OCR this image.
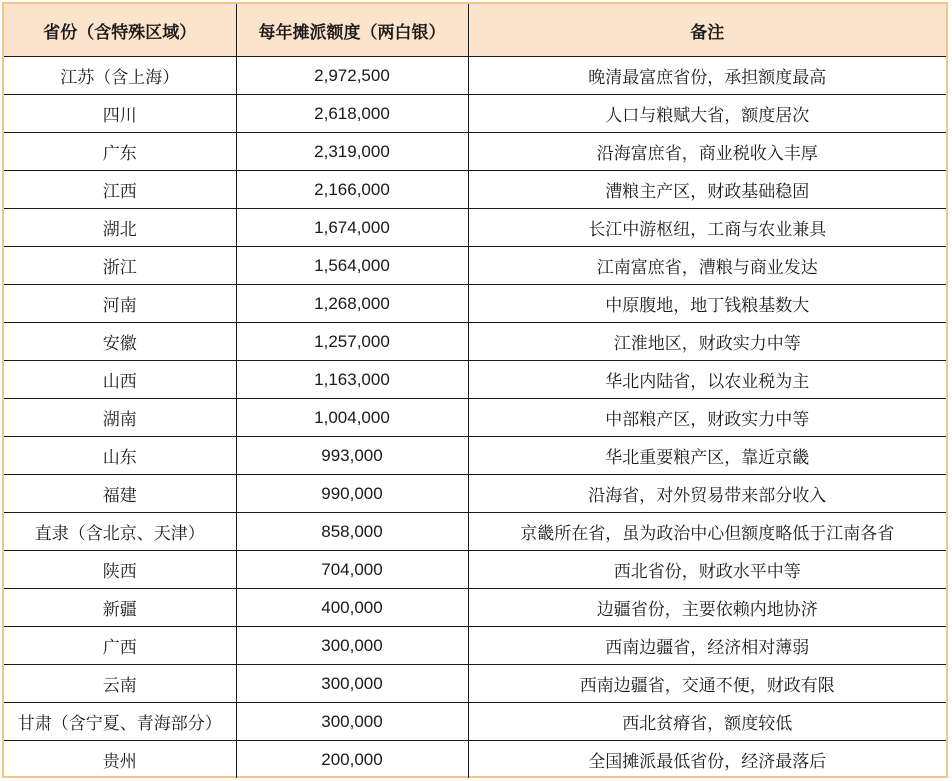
省份（含特殊区域）	每年摊派额度（两白银）	备注
江苏（含上海）	2,972,500	晚清最富庶省份，承担额度最高
四川	2,618,000	人口与粮赋大省，额度居次
广东	2,319,000	沿海富庶省，商业税收入丰厚
江西	2,166,000	漕粮主产区，财政基础稳固
湖北	1,674,000	长江中游枢纽，工商与农业兼具
浙江	1,564,000	江南富庶省，漕粮与商业发达
河南	1,268,000	中原腹地，地丁钱粮基数大
安徽	1,257,000	江淮地区，财政实力中等
山西	1,163,000	华北内陆省，以农业税为主
湖南	1,004,000	中部粮产区，财政实力中等
山东	993,000	华北重要粮产区，靠近京畿
福建	990,000	沿海省，对外贸易带来部分收入
直隶（含北京、天津）	858,000	京畿所在省，虽为政治中心但额度略低于江南各省
陕西	704,000	西北省份，财政水平中等
新疆	400,000	边疆省份，主要依赖内地协济
广西	300,000	西南边疆省，经济相对薄弱
云南	300,000	西南边疆省，交通不便，财政有限
甘肃（含宁夏、青海部分）	300,000	西北贫瘠省，额度较低
贵州	200,000	全国摊派最低省份，经济最落后
